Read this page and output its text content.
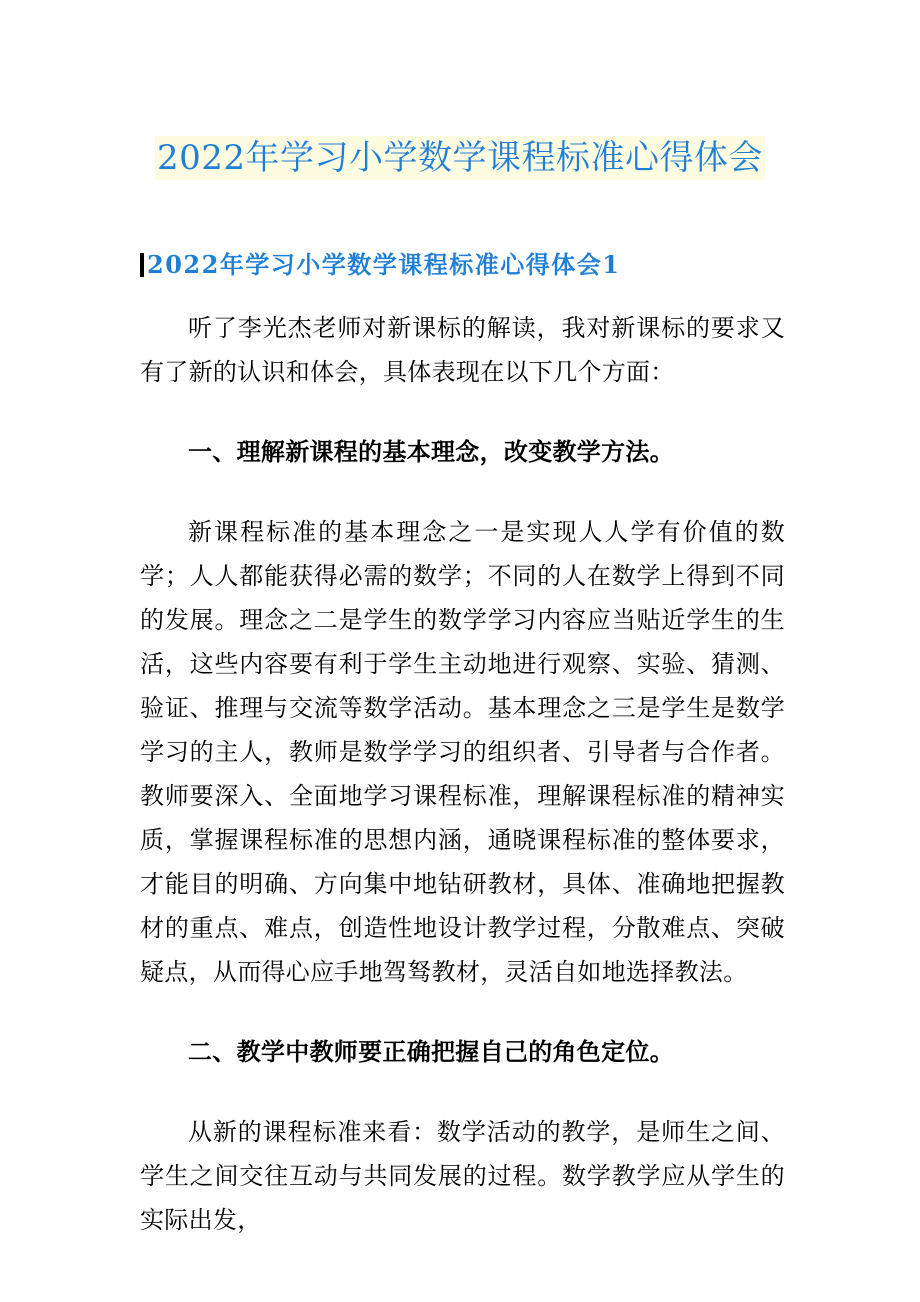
2022年学习小学数学课程标准心得体会
2022年学习小学数学课程标准心得体会1

听了李光杰老师对新课标的解读，我对新课标的要求又有了新的认识和体会，具体表现在以下几个方面：

一、理解新课程的基本理念，改变教学方法。

新课程标准的基本理念之一是实现人人学有价值的数学；人人都能获得必需的数学；不同的人在数学上得到不同的发展。理念之二是学生的数学学习内容应当贴近学生的生活，这些内容要有利于学生主动地进行观察、实验、猜测、验证、推理与交流等数学活动。基本理念之三是学生是数学学习的主人，教师是数学学习的组织者、引导者与合作者。教师要深入、全面地学习课程标准，理解课程标准的精神实质，掌握课程标准的思想内涵，通晓课程标准的整体要求，才能目的明确、方向集中地钻研教材，具体、准确地把握教材的重点、难点，创造性地设计教学过程，分散难点、突破疑点，从而得心应手地驾驽教材，灵活自如地选择教法。

二、教学中教师要正确把握自己的角色定位。

从新的课程标准来看：数学活动的教学，是师生之间、学生之间交往互动与共同发展的过程。数学教学应从学生的实际出发，
